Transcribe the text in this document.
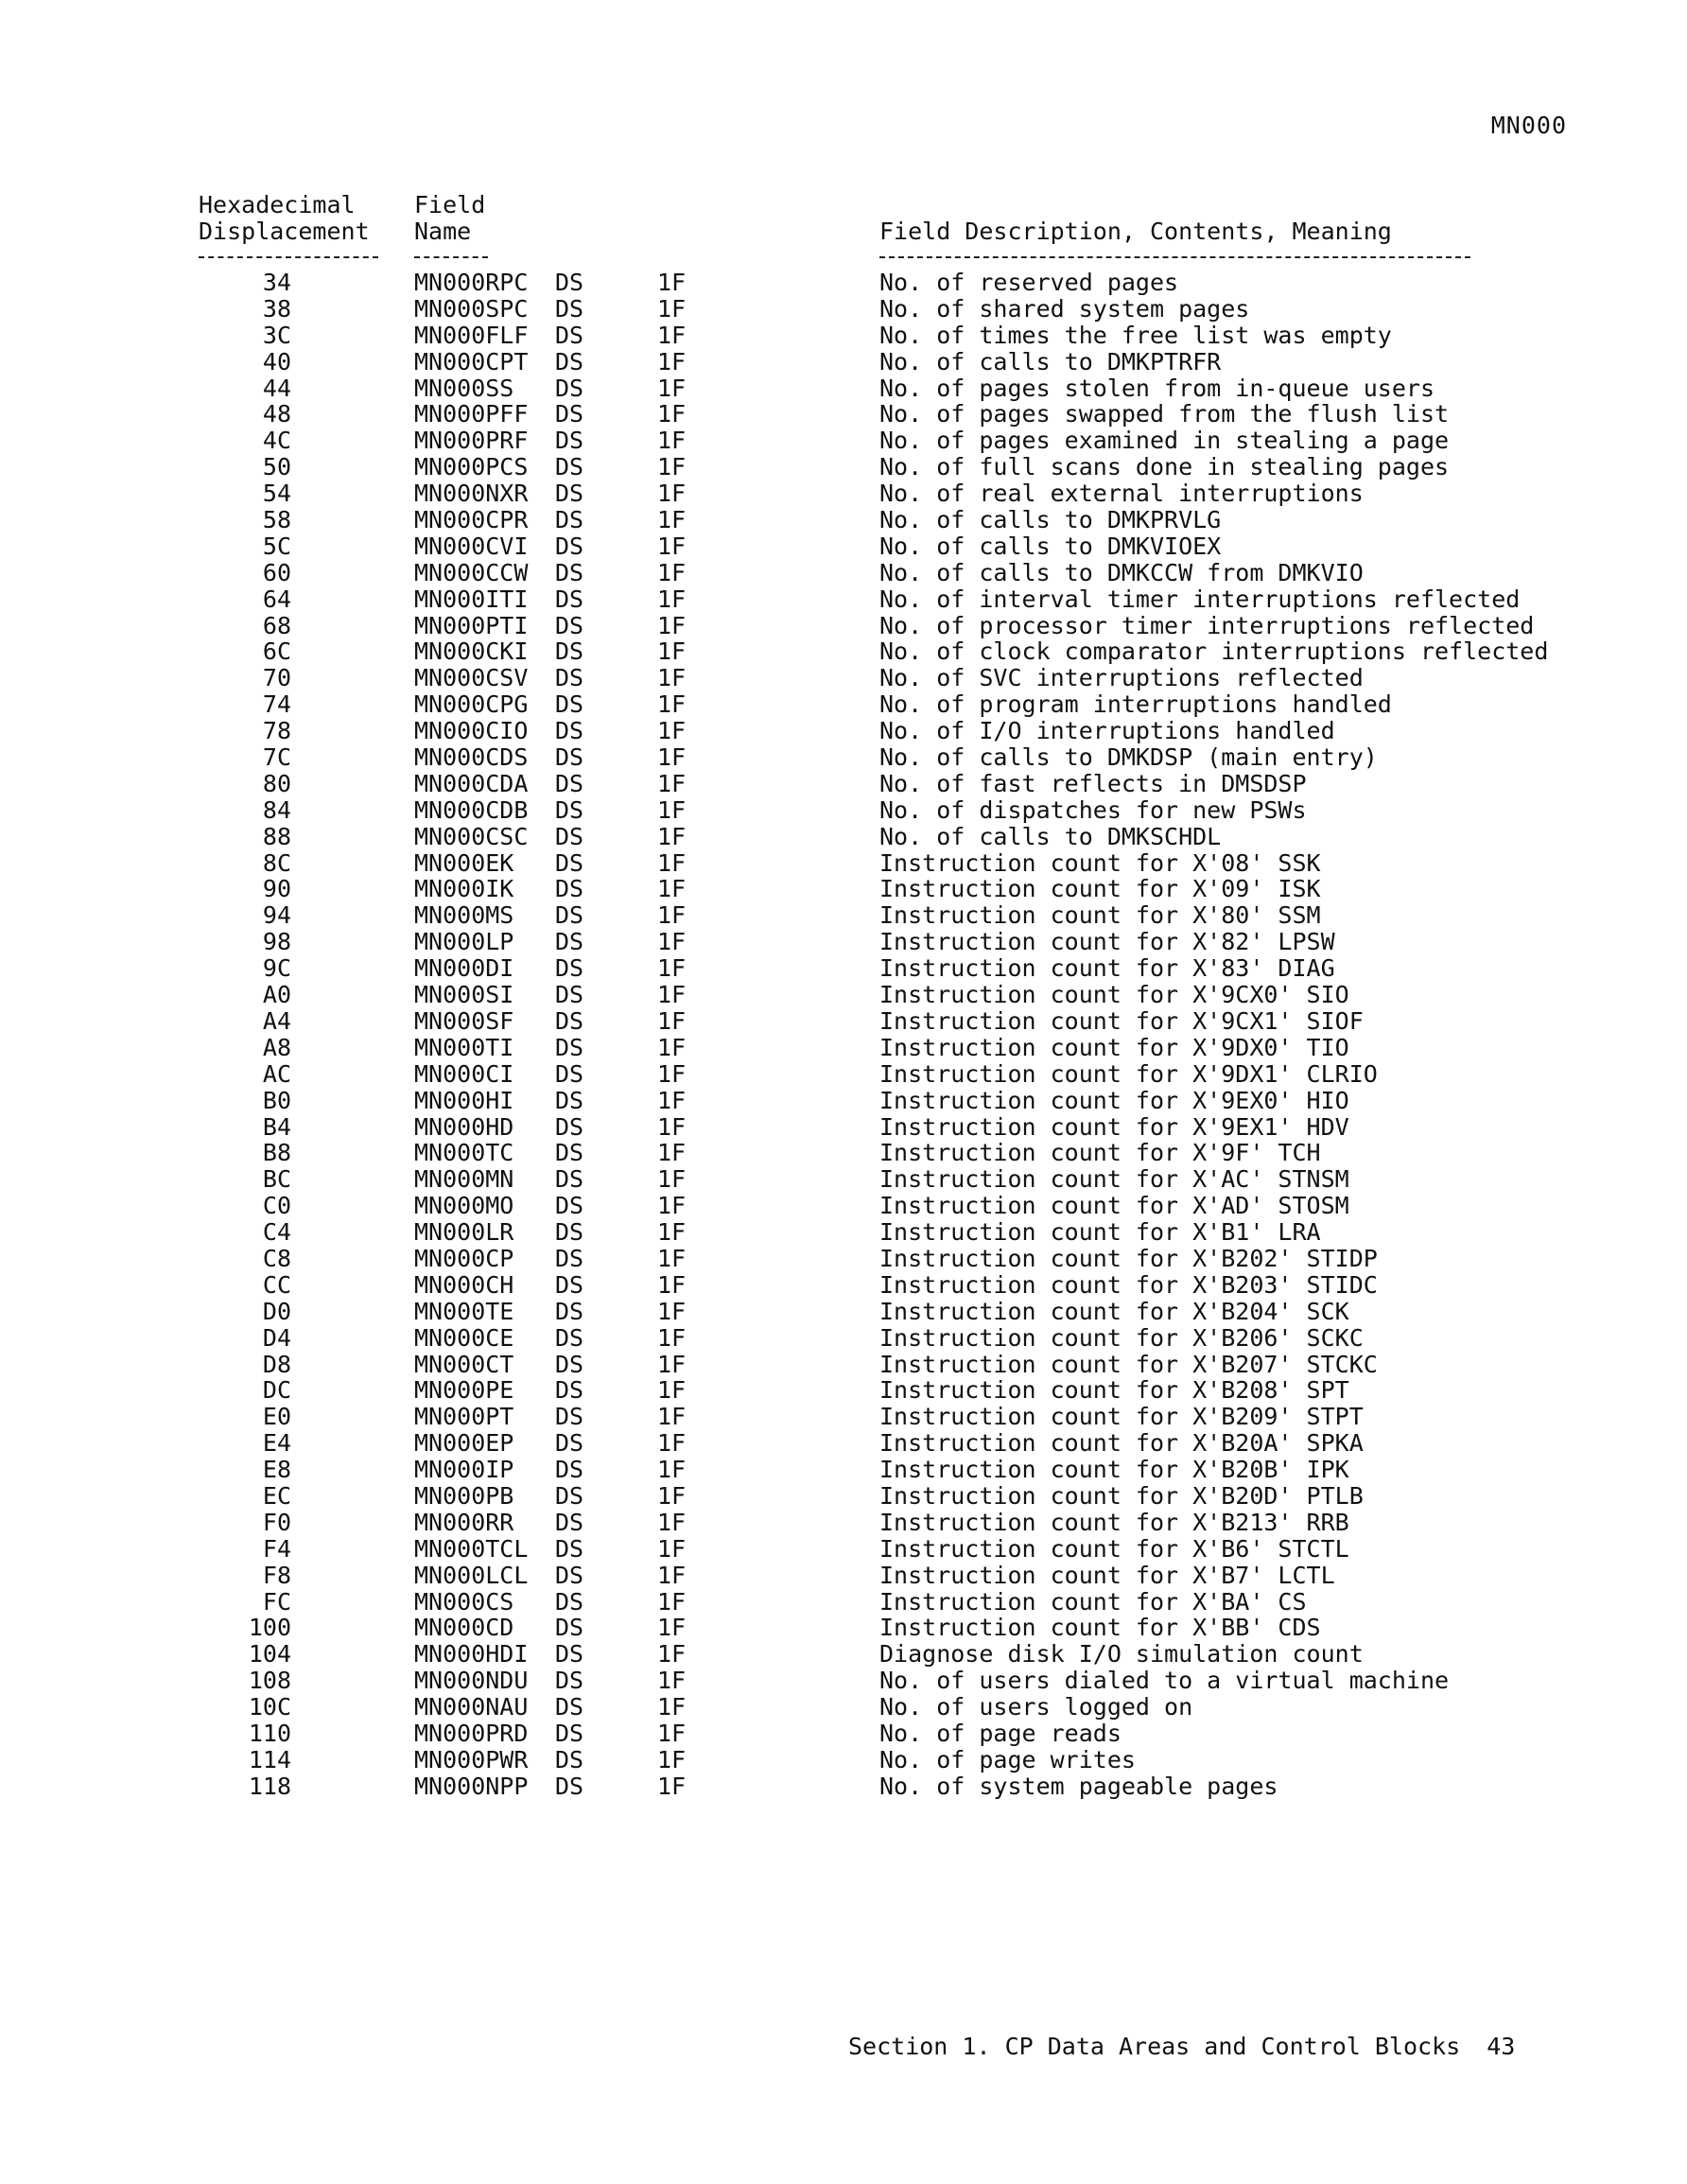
MN000
Hexadecimal
Displacement
Field
Name	Field Description, Contents, Meaning
34	MN000RPC DS	1F	No. of reserved pages
38	MN000SPC DS	1F	No. of shared system pages
3C	MN000FLF DS	1F	No. of times the free list was empty
40	MN000CPT DS	1F	No. of calls to DMKPTRFR
44	MN000SS DS	1F	No. of pages stolen from in-queue users
48	MN000PFF DS	1F	No. of pages swapped from the flush list
4C	MN000PRF DS	1F	No. of pages examined in stealing a page
50	MN000PCS DS	1F	No. of full scans done in stealing pages
54	MN000NXR DS	1F	No. of real external interruptions
58	MN000CPR DS	1F	No. of calls to DMKPRVLG
5C	MN000CVI DS	1F	No. of calls to DMKVIOEX
60	MN000CCW DS	1F	No. of calls to DMKCCW from DMKVIO
64	MN000ITI DS	1F	No. of interval timer interruptions reflected
68	MN000PTI DS	1F	No. of processor timer interruptions reflected
6C	MN000CKI DS	1F	No. of clock comparator interruptions reflected
70	MN000CSV DS	1F	No. of SVC interruptions reflected
74	MN000CPG DS	1F	No. of program interruptions handled
78	MN000CIO DS	1F	No. of I/O interruptions handled
7C	MN000CDS DS	1F	No. of calls to DMKDSP (main entry)
80	MN000CDA DS	1F	No. of fast reflects in DMSDSP
84	MN000CDB DS	1F	No. of dispatches for new PSWs
88	MN000CSC DS	1F	No. of calls to DMKSCHDL
8C	MN000EK DS	1F	Instruction count for X'08' SSK
90	MN000IK DS	1F	Instruction count for X'09' ISK
94	MN000MS DS	1F	Instruction count for X'80' SSM
98	MN000LP DS	1F	Instruction count for X'82' LPSW
9C	MN000DI DS	1F	Instruction count for X'83' DIAG
A0	MN000SI DS	1F	Instruction count for X'9CX0' SIO
A4	MN000SF DS	1F	Instruction count for X'9CX1' SIOF
A8	MN000TI DS	1F	Instruction count for X'9DX0' TIO
AC	MN000CI DS	1F	Instruction count for X'9DX1' CLRIO
B0	MN000HI DS	1F	Instruction count for X'9EX0' HIO
B4	MN000HD DS	1F	Instruction count for X'9EX1' HDV
B8	MN000TC DS	1F	Instruction count for X'9F' TCH
BC	MN000MN DS	1F	Instruction count for X'AC' STNSM
C0	MN000MO DS	1F	Instruction count for X'AD' STOSM
C4	MN000LR DS	1F	Instruction count for X'B1' LRA
C8	MN000CP DS	1F	Instruction count for X'B202' STIDP
CC	MN000CH DS	1F	Instruction count for X'B203' STIDC
D0	MN000TE DS	1F	Instruction count for X'B204' SCK
D4	MN000CE DS	1F	Instruction count for X'B206' SCKC
D8	MN000CT DS	1F	Instruction count for X'B207' STCKC
DC	MN000PE DS	1F	Instruction count for X'B208' SPT
E0	MN000PT DS	1F	Instruction count for X'B209' STPT
E4	MN000EP DS	1F	Instruction count for X'B20A' SPKA
E8	MN000IP DS	1F	Instruction count for X'B20B' IPK
EC	MN000PB DS	1F	Instruction count for X'B20D' PTLB
F0	MN000RR DS	1F	Instruction count for X'B213' RRB
F4	MN000TCL DS	1F	Instruction count for X'B6' STCTL
F8	MN000LCL DS	1F	Instruction count for X'B7' LCTL
FC	MN000CS DS	1F	Instruction count for X'BA' CS
100	MN000CD DS	1F	Instruction count for X'BB' CDS
104	MN000HDI DS	1F	Diagnose disk I/O simulation count
108	MN000NDU DS	1F	No. of users dialed to a virtual machine
10C	MN000NAU DS	1F	No. of users logged on
110	MN000PRD DS	1F	No. of page reads
114	MN000PWR DS	1F	No. of page writes
118	MN000NPP DS	1F	No. of system pageable pages
Section 1. CP Data Areas and Control Blocks 43
